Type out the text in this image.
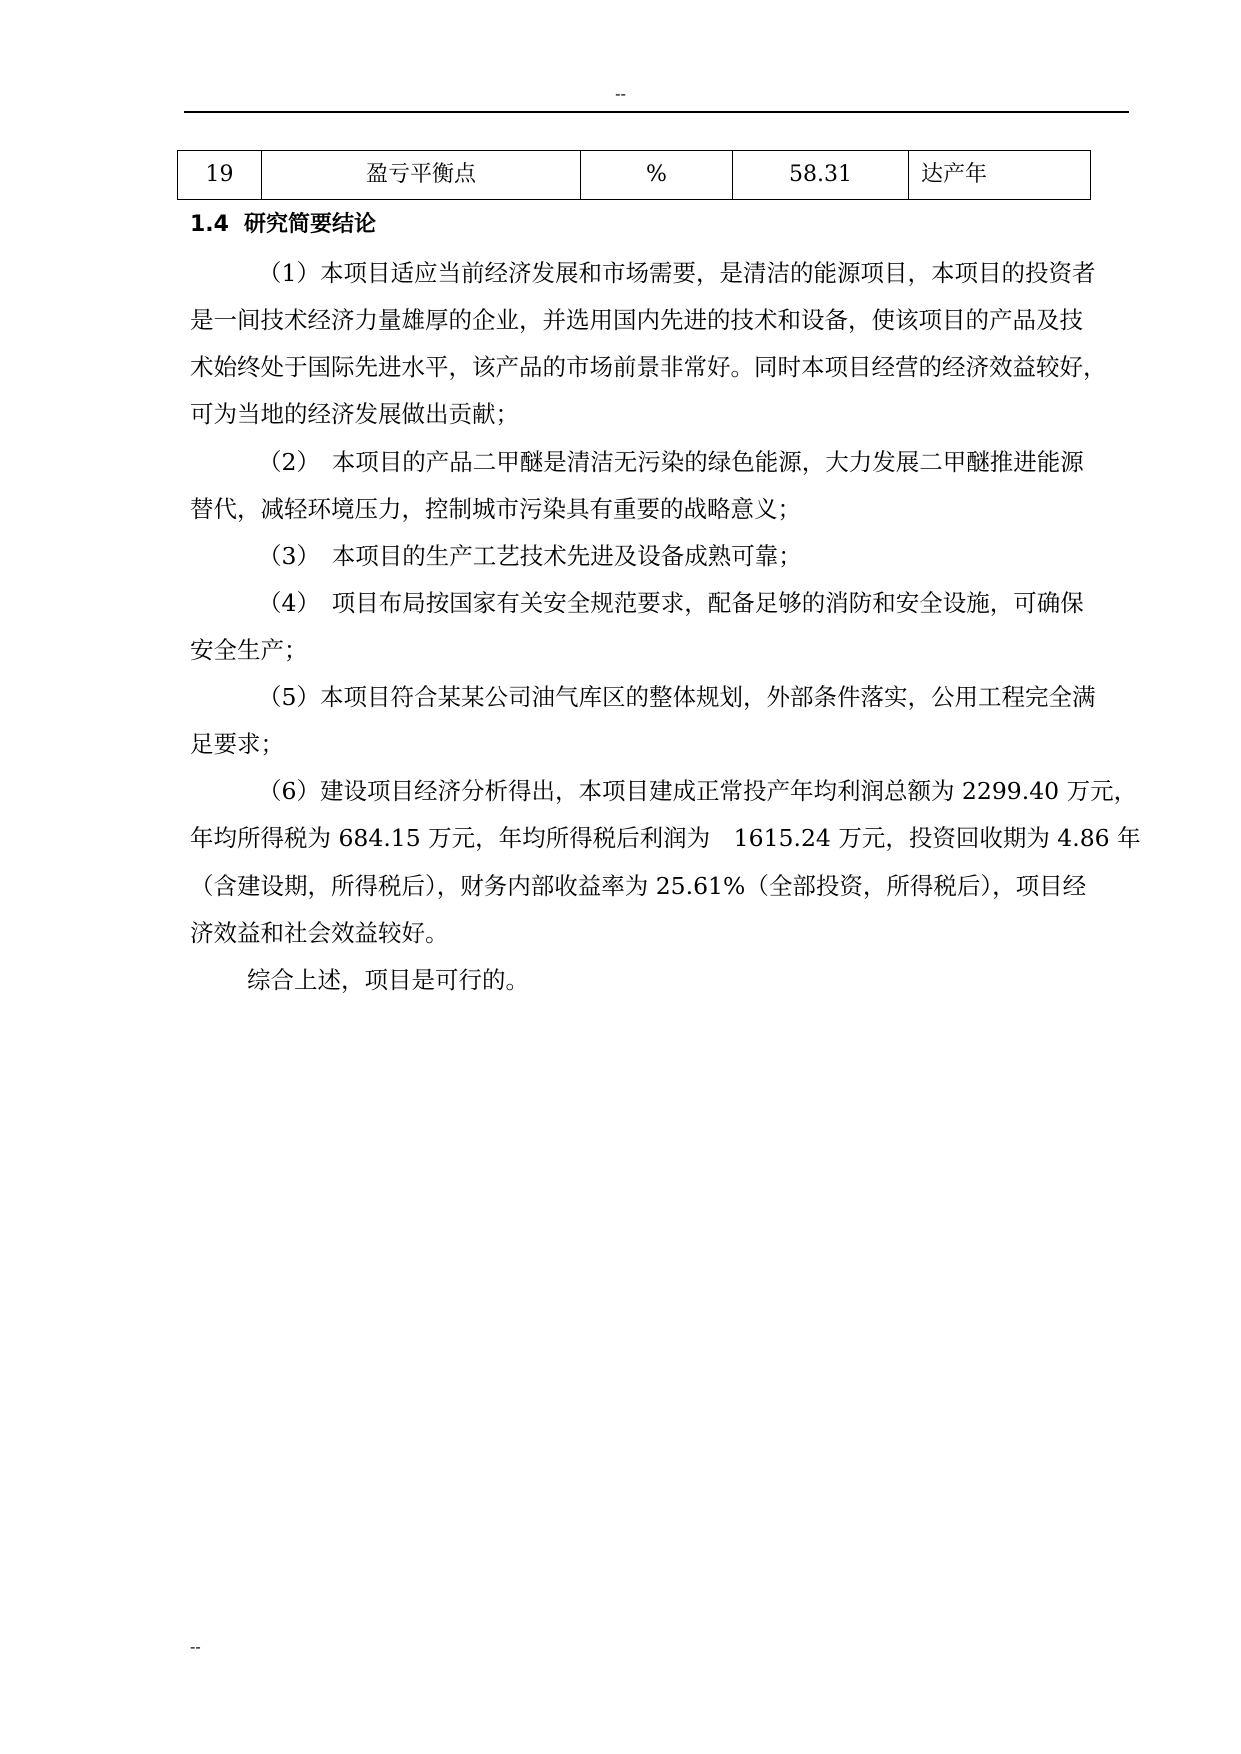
--
19	盈亏平衡点	%	58.31	达产年
1.4 研究简要结论
（1）本项目适应当前经济发展和市场需要，是清洁的能源项目，本项目的投资者
是一间技术经济力量雄厚的企业，并选用国内先进的技术和设备，使该项目的产品及技
术始终处于国际先进水平，该产品的市场前景非常好。同时本项目经营的经济效益较好，
可为当地的经济发展做出贡献；
（2）　本项目的产品二甲醚是清洁无污染的绿色能源，大力发展二甲醚推进能源
替代，减轻环境压力，控制城市污染具有重要的战略意义；
（3）　本项目的生产工艺技术先进及设备成熟可靠；
（4）　项目布局按国家有关安全规范要求，配备足够的消防和安全设施，可确保
安全生产；
（5）本项目符合某某公司油气库区的整体规划，外部条件落实，公用工程完全满
足要求；
（6）建设项目经济分析得出，本项目建成正常投产年均利润总额为 2299.40 万元，
年均所得税为 684.15 万元，年均所得税后利润为　1615.24 万元，投资回收期为 4.86 年
（含建设期，所得税后），财务内部收益率为 25.61%（全部投资，所得税后），项目经
济效益和社会效益较好。
综合上述，项目是可行的。
--
